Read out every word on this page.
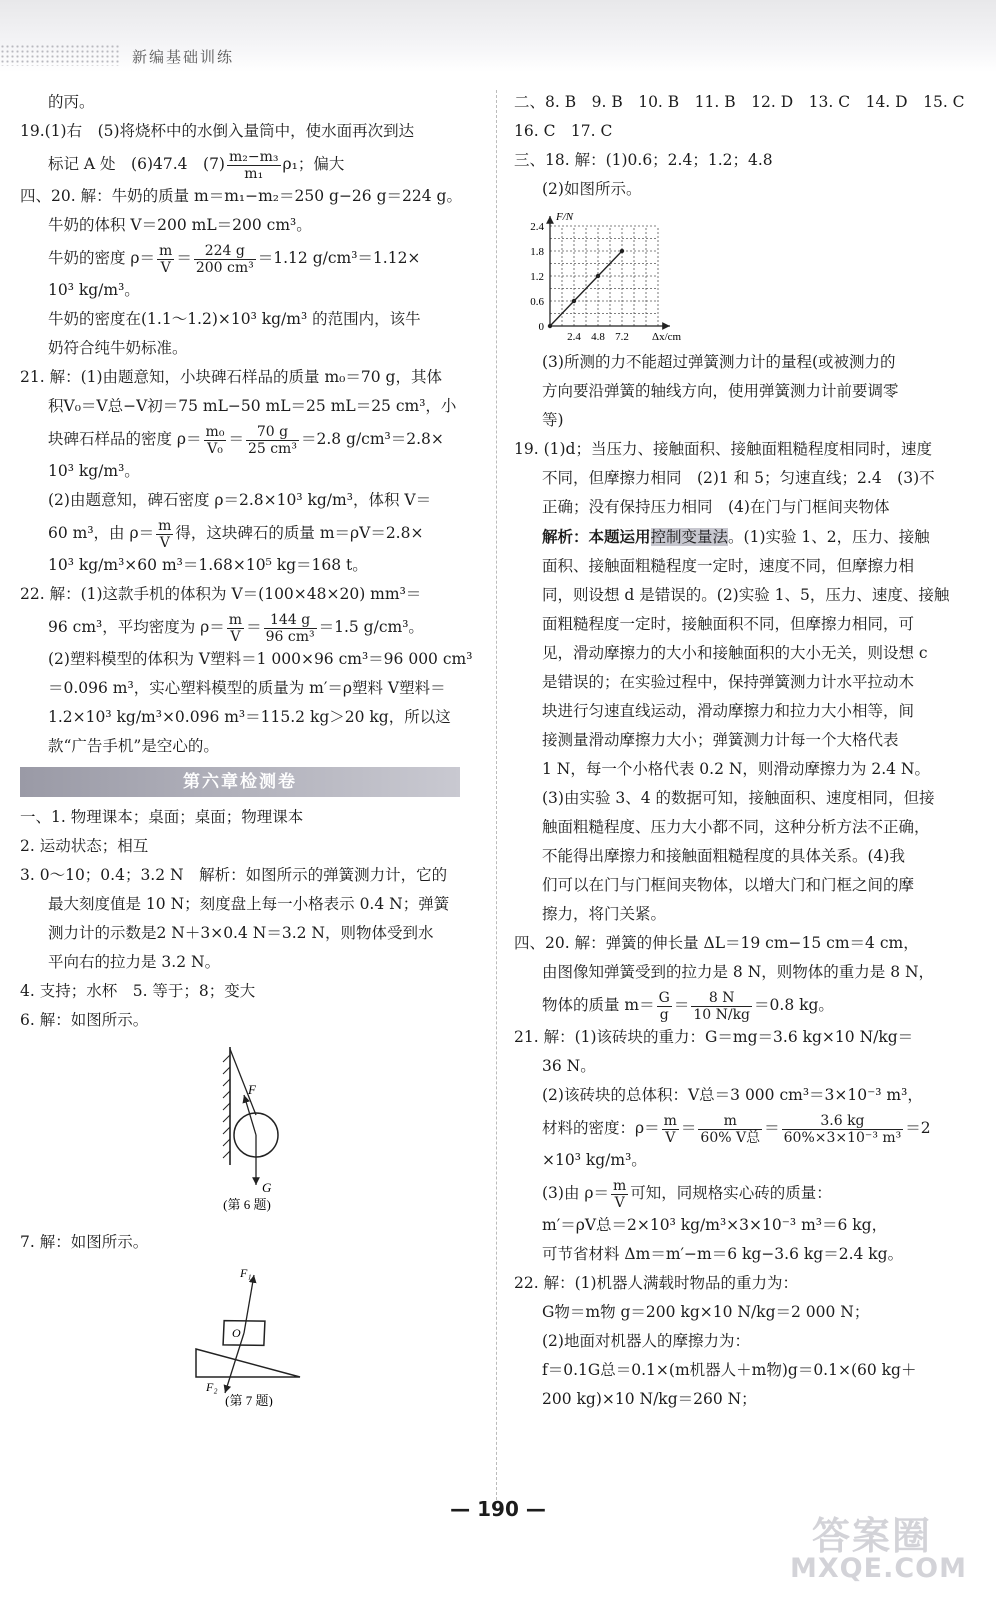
新编基础训练
的丙。
19.(1)右　(5)将烧杯中的水倒入量筒中，使水面再次到达
标记 A 处　(6)47.4　$(7) \frac{\text{m₂−m₃}}{\text{m₁}} \rho_1$；偏大
四、20. 解：牛奶的质量 m＝m₁−m₂＝250 g−26 g＝224 g。
牛奶的体积 V＝200 mL＝200 cm³。
牛奶的密度 $\rho= \frac{m}{V} = \frac{224 g}{\text{200 cm³}} =1.12$ g/cm³＝1.12×
10³ kg/m³。
牛奶的密度在(1.1～1.2)×10³ kg/m³ 的范围内，该牛
奶符合纯牛奶标准。
21. 解：(1)由题意知，小块碑石样品的质量 m₀＝70 g，其体
积V₀＝V总−V初＝75 mL−50 mL＝25 mL＝25 cm³，小
块碑石样品的密度 $\rho= \frac{\text{m₀}}{\text{V₀}} = \frac{70 g}{\text{25 cm³}} =2.8$ g/cm³＝2.8×
10³ kg/m³。
(2)由题意知，碑石密度 ρ＝2.8×10³ kg/m³，体积 V＝
60 m³，由 $\rho= \frac{m}{V}$ 得，这块碑石的质量 m＝ρV＝2.8×
10³ kg/m³×60 m³＝1.68×10⁵ kg＝168 t。
22. 解：(1)这款手机的体积为 V＝(100×48×20) mm³＝
96 cm³，平均密度为 $\rho= \frac{m}{V} = \frac{144 g}{\text{96 cm³}} =1.5$ g/cm³。
(2)塑料模型的体积为 V塑料＝1 000×96 cm³＝96 000 cm³
＝0.096 m³，实心塑料模型的质量为 m′＝ρ塑料 V塑料＝
1.2×10³ kg/m³×0.096 m³＝115.2 kg＞20 kg，所以这
款“广告手机”是空心的。
第六章检测卷
一、1. 物理课本；桌面；桌面；物理课本
2. 运动状态；相互
3. 0～10；0.4；3.2 N　解析：如图所示的弹簧测力计，它的
最大刻度值是 10 N；刻度盘上每一小格表示 0.4 N；弹簧
测力计的示数是2 N＋3×0.4 N＝3.2 N，则物体受到水
平向右的拉力是 3.2 N。
4. 支持；水杯　5. 等于；8；变大
6. 解：如图所示。
F
G
(第 6 题)
7. 解：如图所示。
F₁
O
F₂
(第 7 题)
二、8. B　9. B　10. B　11. B　12. D　13. C　14. D　15. C
16. C　17. C
三、18. 解：(1)0.6；2.4；1.2；4.8
(2)如图所示。
F/N
Δx/cm
2.4
1.8
1.2
0.6
0
2.4 4.8 7.2
(3)所测的力不能超过弹簧测力计的量程(或被测力的
方向要沿弹簧的轴线方向，使用弹簧测力计前要调零
等)
19. (1)d；当压力、接触面积、接触面粗糙程度相同时，速度
不同，但摩擦力相同　(2)1 和 5；匀速直线；2.4　(3)不
正确；没有保持压力相同　(4)在门与门框间夹物体
解析：本题运用控制变量法。(1)实验 1、2，压力、接触
面积、接触面粗糙程度一定时，速度不同，但摩擦力相
同，则设想 d 是错误的。(2)实验 1、5，压力、速度、接触
面粗糙程度一定时，接触面积不同，但摩擦力相同，可
见，滑动摩擦力的大小和接触面积的大小无关，则设想 c
是错误的；在实验过程中，保持弹簧测力计水平拉动木
块进行匀速直线运动，滑动摩擦力和拉力大小相等，间
接测量滑动摩擦力大小；弹簧测力计每一个大格代表
1 N，每一个小格代表 0.2 N，则滑动摩擦力为 2.4 N。
(3)由实验 3、4 的数据可知，接触面积、速度相同，但接
触面粗糙程度、压力大小都不同，这种分析方法不正确，
不能得出摩擦力和接触面粗糙程度的具体关系。(4)我
们可以在门与门框间夹物体，以增大门和门框之间的摩
擦力，将门关紧。
四、20. 解：弹簧的伸长量 ΔL＝19 cm−15 cm＝4 cm，
由图像知弹簧受到的拉力是 8 N，则物体的重力是 8 N，
物体的质量 $m= \frac{G}{g} = \frac{8 N}{10 N/kg} =0.8$ kg。
21. 解：(1)该砖块的重力：G＝mg＝3.6 kg×10 N/kg＝
36 N。
(2)该砖块的总体积：V总＝3 000 cm³＝3×10⁻³ m³，
材料的密度：$\rho= \frac{m}{V} = \frac{m}{\text{60\% V总}} = \frac{3.6 kg}{\text{60\%×3×10⁻³ m³}} =2$
×10³ kg/m³。
(3)由 $\rho= \frac{m}{V}$ 可知，同规格实心砖的质量：
m′＝ρV总＝2×10³ kg/m³×3×10⁻³ m³＝6 kg，
可节省材料 Δm＝m′−m＝6 kg−3.6 kg＝2.4 kg。
22. 解：(1)机器人满载时物品的重力为：
G物＝m物 g＝200 kg×10 N/kg＝2 000 N；
(2)地面对机器人的摩擦力为：
f＝0.1G总＝0.1×(m机器人＋m物)g＝0.1×(60 kg＋
200 kg)×10 N/kg＝260 N；
— 190 —
答案圈
MXQE.COM
